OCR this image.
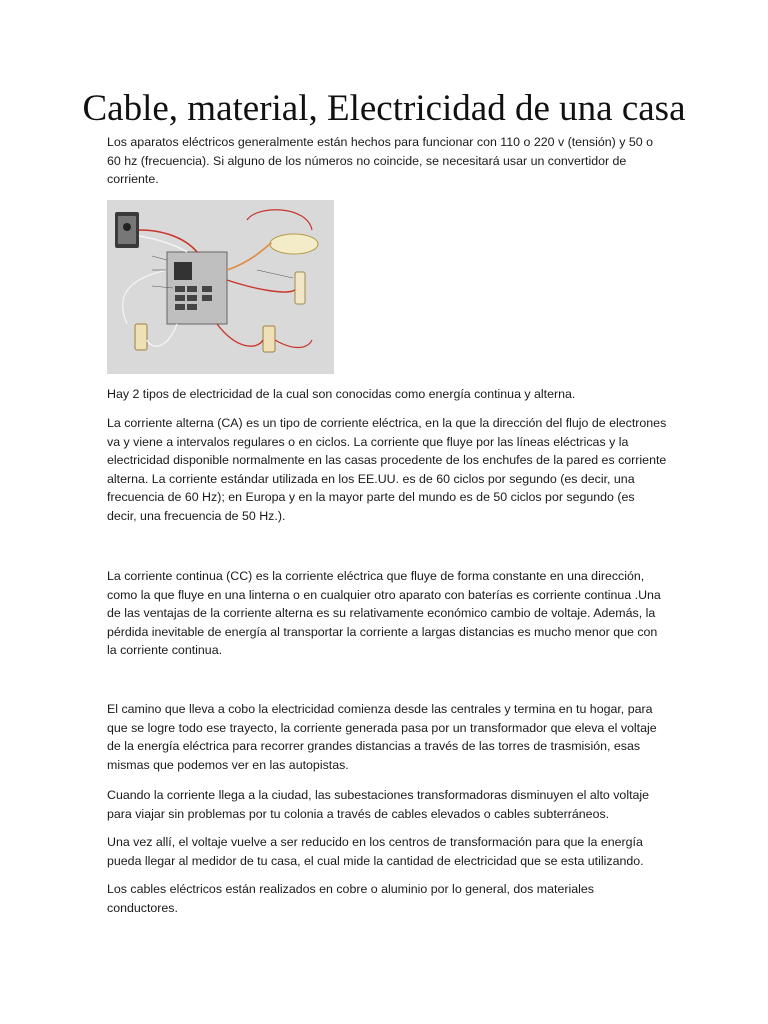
Cable, material, Electricidad de una casa

Los aparatos eléctricos generalmente están hechos para funcionar con 110 o 220 v (tensión) y 50 o 60 hz (frecuencia). Si alguno de los números no coincide, se necesitará usar un convertidor de corriente.

Hay 2 tipos de electricidad de la cual son conocidas como energía continua y alterna.

La corriente alterna (CA) es un tipo de corriente eléctrica, en la que la dirección del flujo de electrones va y viene a intervalos regulares o en ciclos. La corriente que fluye por las líneas eléctricas y la electricidad disponible normalmente en las casas procedente de los enchufes de la pared es corriente alterna. La corriente estándar utilizada en los EE.UU. es de 60 ciclos por segundo (es decir, una frecuencia de 60 Hz); en Europa y en la mayor parte del mundo es de 50 ciclos por segundo (es decir, una frecuencia de 50 Hz.).

La corriente continua (CC) es la corriente eléctrica que fluye de forma constante en una dirección, como la que fluye en una linterna o en cualquier otro aparato con baterías es corriente continua .Una de las ventajas de la corriente alterna es su relativamente económico cambio de voltaje. Además, la pérdida inevitable de energía al transportar la corriente a largas distancias es mucho menor que con la corriente continua.

El camino que lleva a cobo la electricidad comienza desde las centrales y termina en tu hogar, para que se logre todo ese trayecto, la corriente generada pasa por un transformador que eleva el voltaje de la energía eléctrica para recorrer grandes distancias a través de las torres de trasmisión, esas mismas que podemos ver en las autopistas.

Cuando la corriente llega a la ciudad, las subestaciones transformadoras disminuyen el alto voltaje para viajar sin problemas por tu colonia a través de cables elevados o cables subterráneos.

Una vez allí, el voltaje vuelve a ser reducido en los centros de transformación para que la energía pueda llegar al medidor de tu casa, el cual mide la cantidad de electricidad que se esta utilizando.

Los cables eléctricos están realizados en cobre o aluminio por lo general, dos materiales conductores.
